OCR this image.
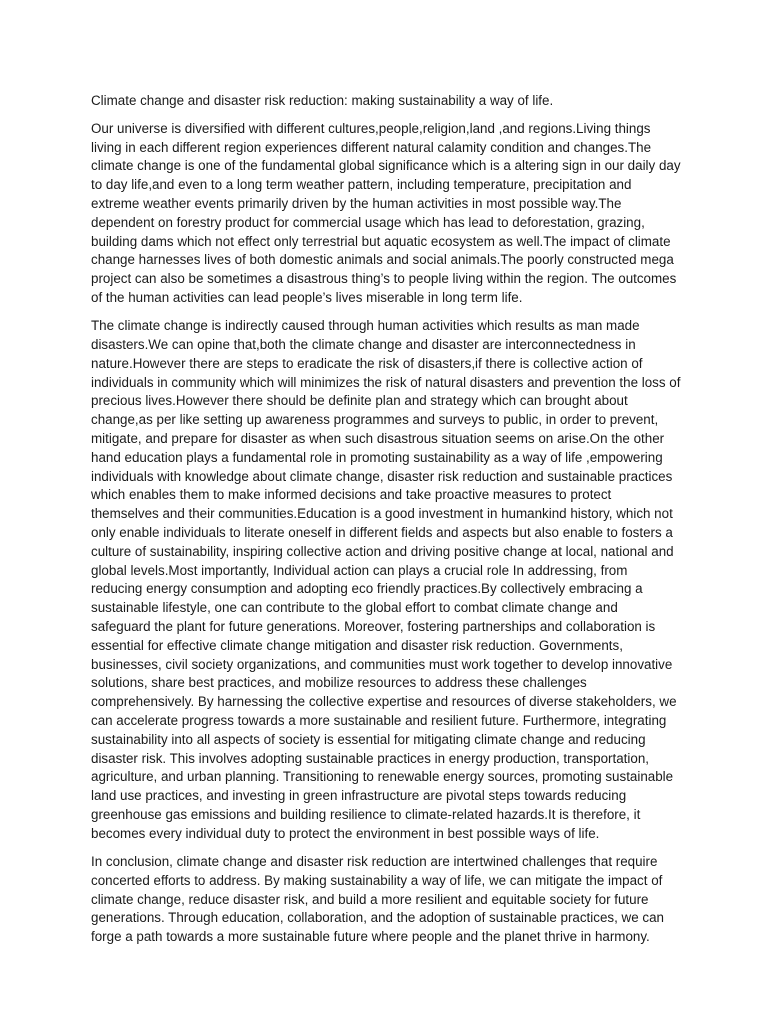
Climate change and disaster risk reduction: making sustainability a way of life.

Our universe is diversified with different cultures,people,religion,land ,and regions.Living things living in each different region experiences different natural calamity condition and changes.The climate change is one of the fundamental global significance which is a altering sign in our daily day to day life,and even to a long term weather pattern, including temperature, precipitation and extreme weather events primarily driven by the human activities in most possible way.The dependent on forestry product for commercial usage which has lead to deforestation, grazing, building dams which not effect only terrestrial but aquatic ecosystem as well.The impact of climate change harnesses lives of both domestic animals and social animals.The poorly constructed mega project can also be sometimes a disastrous thing’s to people living within the region. The outcomes of the human activities can lead people’s lives miserable in long term life.

The climate change is indirectly caused through human activities which results as man made disasters.We can opine that,both the climate change and disaster are interconnectedness in nature.However there are steps to eradicate the risk of disasters,if there is collective action of individuals in community which will minimizes the risk of natural disasters and prevention the loss of precious lives.However there should be definite plan and strategy which can brought about change,as per like setting up awareness programmes and surveys to public, in order to prevent, mitigate, and prepare for disaster as when such disastrous situation seems on arise.On the other hand education plays a fundamental role in promoting sustainability as a way of life ,empowering individuals with knowledge about climate change, disaster risk reduction and sustainable practices which enables them to make informed decisions and take proactive measures to protect themselves and their communities.Education is a good investment in humankind history, which not only enable individuals to literate oneself in different fields and aspects but also enable to fosters a culture of sustainability, inspiring collective action and driving positive change at local, national and global levels.Most importantly, Individual action can plays a crucial role In addressing, from reducing energy consumption and adopting eco friendly practices.By collectively embracing a sustainable lifestyle, one can contribute to the global effort to combat climate change and safeguard the plant for future generations. Moreover, fostering partnerships and collaboration is essential for effective climate change mitigation and disaster risk reduction. Governments, businesses, civil society organizations, and communities must work together to develop innovative solutions, share best practices, and mobilize resources to address these challenges comprehensively. By harnessing the collective expertise and resources of diverse stakeholders, we can accelerate progress towards a more sustainable and resilient future. Furthermore, integrating sustainability into all aspects of society is essential for mitigating climate change and reducing disaster risk. This involves adopting sustainable practices in energy production, transportation, agriculture, and urban planning. Transitioning to renewable energy sources, promoting sustainable land use practices, and investing in green infrastructure are pivotal steps towards reducing greenhouse gas emissions and building resilience to climate-related hazards.It is therefore, it becomes every individual duty to protect the environment in best possible ways of life.

In conclusion, climate change and disaster risk reduction are intertwined challenges that require concerted efforts to address. By making sustainability a way of life, we can mitigate the impact of climate change, reduce disaster risk, and build a more resilient and equitable society for future generations. Through education, collaboration, and the adoption of sustainable practices, we can forge a path towards a more sustainable future where people and the planet thrive in harmony.
